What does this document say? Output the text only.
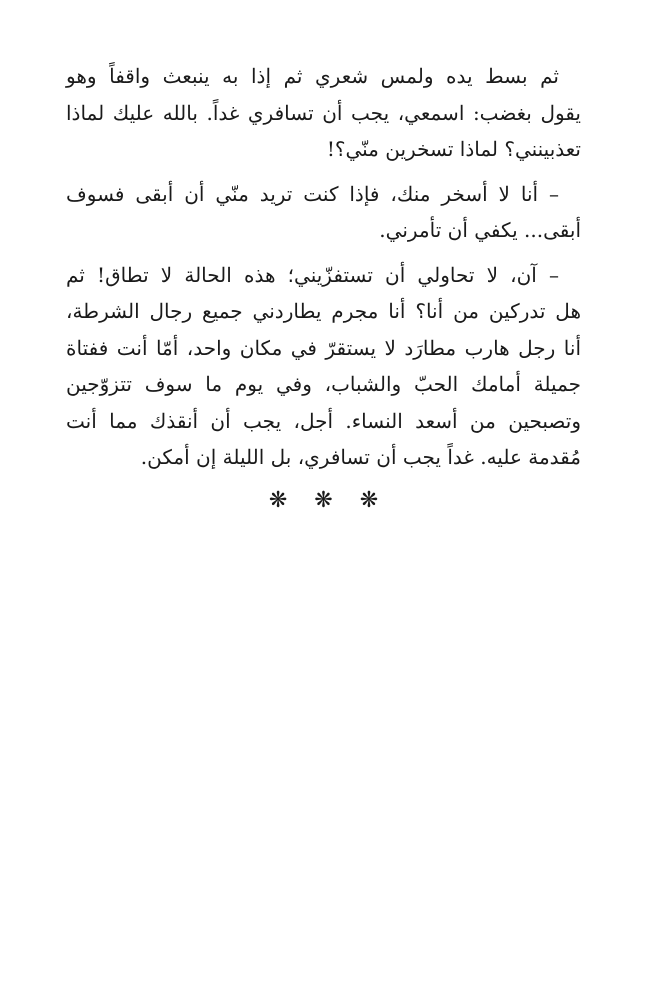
ثم بسط يده ولمس شعري ثم إذا به ينبعث واقفاً وهو
يقول بغضب: اسمعي، يجب أن تسافري غداً. بالله عليك لماذا
تعذبينني؟ لماذا تسخرين منّي؟!
– أنا لا أسخر منك، فإذا كنت تريد منّي أن أبقى فسوف
أبقى... يكفي أن تأمرني.
– آن، لا تحاولي أن تستفزّيني؛ هذه الحالة لا تطاق! ثم
هل تدركين من أنا؟ أنا مجرم يطاردني جميع رجال الشرطة،
أنا رجل هارب مطارَد لا يستقرّ في مكان واحد، أمّا أنت ففتاة
جميلة أمامك الحبّ والشباب، وفي يوم ما سوف تتزوّجين
وتصبحين من أسعد النساء. أجل، يجب أن أنقذك مما أنت
مُقدمة عليه. غداً يجب أن تسافري، بل الليلة إن أمكن.
❋ ❋ ❋
